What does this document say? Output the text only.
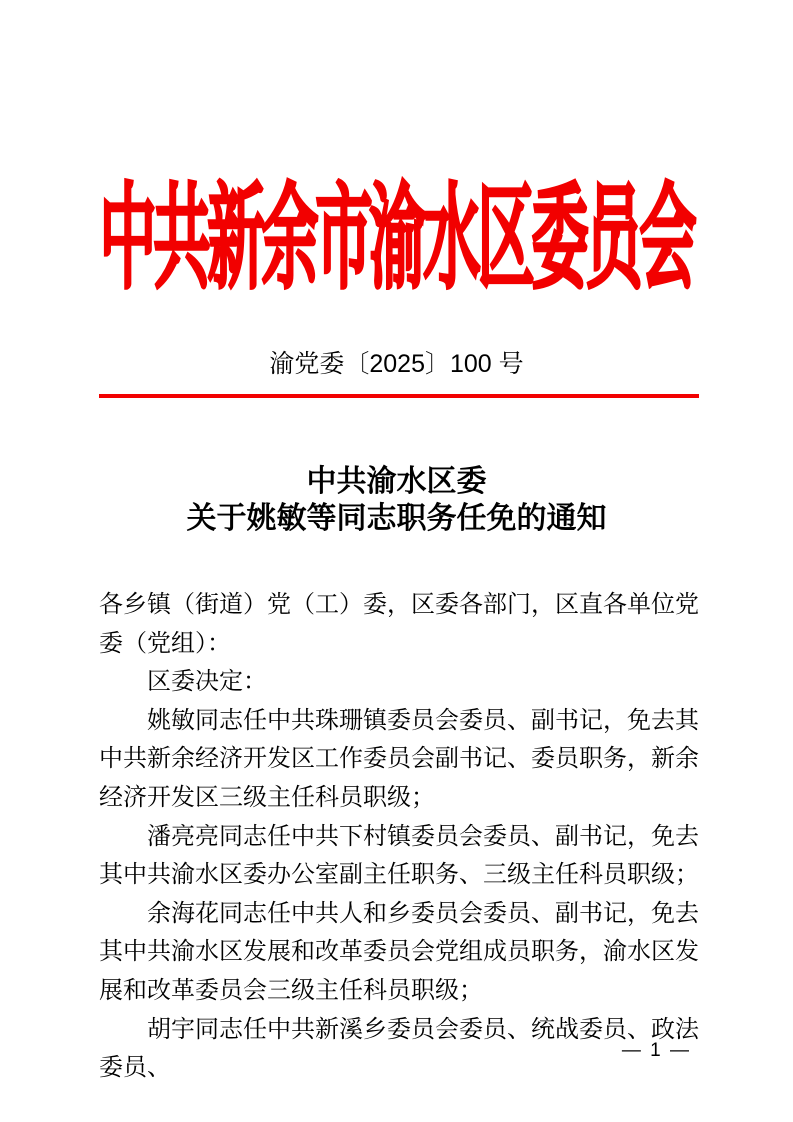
中共新余市渝水区委员会
渝党委〔2025〕100 号
中共渝水区委
关于姚敏等同志职务任免的通知

各乡镇（街道）党（工）委，区委各部门，区直各单位党委（党组）：

区委决定：

姚敏同志任中共珠珊镇委员会委员、副书记，免去其中共新余经济开发区工作委员会副书记、委员职务，新余经济开发区三级主任科员职级；

潘亮亮同志任中共下村镇委员会委员、副书记，免去其中共渝水区委办公室副主任职务、三级主任科员职级；

余海花同志任中共人和乡委员会委员、副书记，免去其中共渝水区发展和改革委员会党组成员职务，渝水区发展和改革委员会三级主任科员职级；

胡宇同志任中共新溪乡委员会委员、统战委员、政法委员、

— 1 —
